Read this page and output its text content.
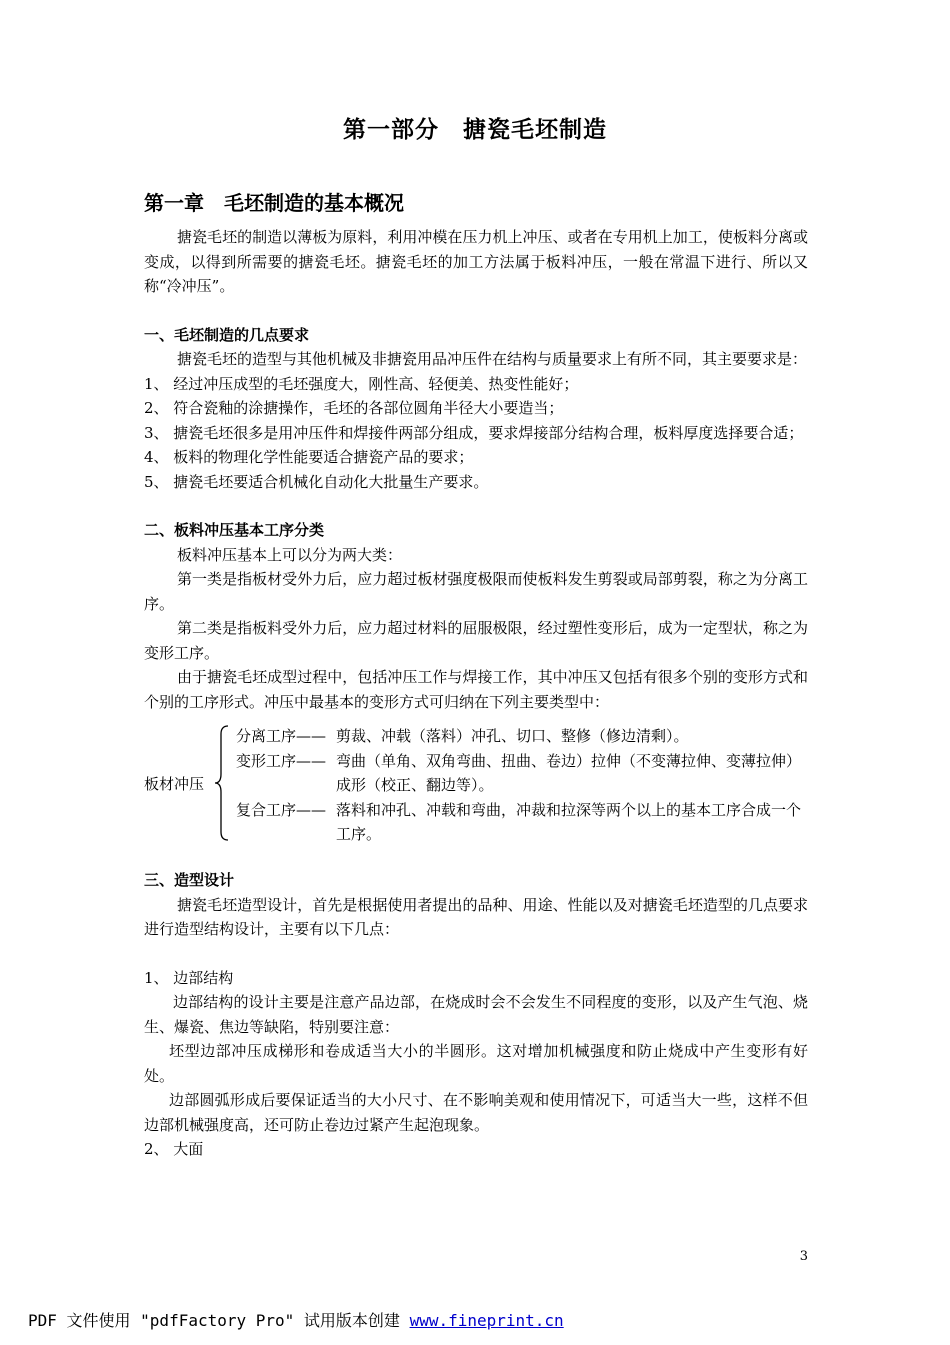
第一部分　搪瓷毛坯制造
第一章　毛坯制造的基本概况

搪瓷毛坯的制造以薄板为原料，利用冲模在压力机上冲压、或者在专用机上加工，使板料分离或变成，以得到所需要的搪瓷毛坯。搪瓷毛坯的加工方法属于板料冲压，一般在常温下进行、所以又称“冷冲压”。

一、毛坯制造的几点要求

搪瓷毛坯的造型与其他机械及非搪瓷用品冲压件在结构与质量要求上有所不同，其主要要求是：

1、 经过冲压成型的毛坯强度大，刚性高、轻便美、热变性能好；

2、 符合瓷釉的涂搪操作，毛坯的各部位圆角半径大小要造当；

3、 搪瓷毛坯很多是用冲压件和焊接件两部分组成，要求焊接部分结构合理，板料厚度选择要合适；

4、 板料的物理化学性能要适合搪瓷产品的要求；

5、 搪瓷毛坯要适合机械化自动化大批量生产要求。

二、板料冲压基本工序分类

板料冲压基本上可以分为两大类：

第一类是指板材受外力后，应力超过板材强度极限而使板料发生剪裂或局部剪裂，称之为分离工序。

第二类是指板料受外力后，应力超过材料的屈服极限，经过塑性变形后，成为一定型状，称之为变形工序。

由于搪瓷毛坯成型过程中，包括冲压工作与焊接工作，其中冲压又包括有很多个别的变形方式和个别的工序形式。冲压中最基本的变形方式可归纳在下列主要类型中：

板材冲压
分离工序—— 剪裁、冲载（落料）冲孔、切口、整修（修边清剩）。
变形工序—— 弯曲（单角、双角弯曲、扭曲、卷边）拉伸（不变薄拉伸、变薄拉伸）成形（校正、翻边等）。
复合工序—— 落料和冲孔、冲载和弯曲，冲裁和拉深等两个以上的基本工序合成一个工序。

三、造型设计

搪瓷毛坯造型设计，首先是根据使用者提出的品种、用途、性能以及对搪瓷毛坯造型的几点要求进行造型结构设计，主要有以下几点：

1、 边部结构

边部结构的设计主要是注意产品边部，在烧成时会不会发生不同程度的变形，以及产生气泡、烧生、爆瓷、焦边等缺陷，特别要注意：

坯型边部冲压成梯形和卷成适当大小的半圆形。这对增加机械强度和防止烧成中产生变形有好处。

边部圆弧形成后要保证适当的大小尺寸、在不影响美观和使用情况下，可适当大一些，这样不但边部机械强度高，还可防止卷边过紧产生起泡现象。

2、 大面

3
PDF 文件使用 "pdfFactory Pro" 试用版本创建 www.fineprint.cn
